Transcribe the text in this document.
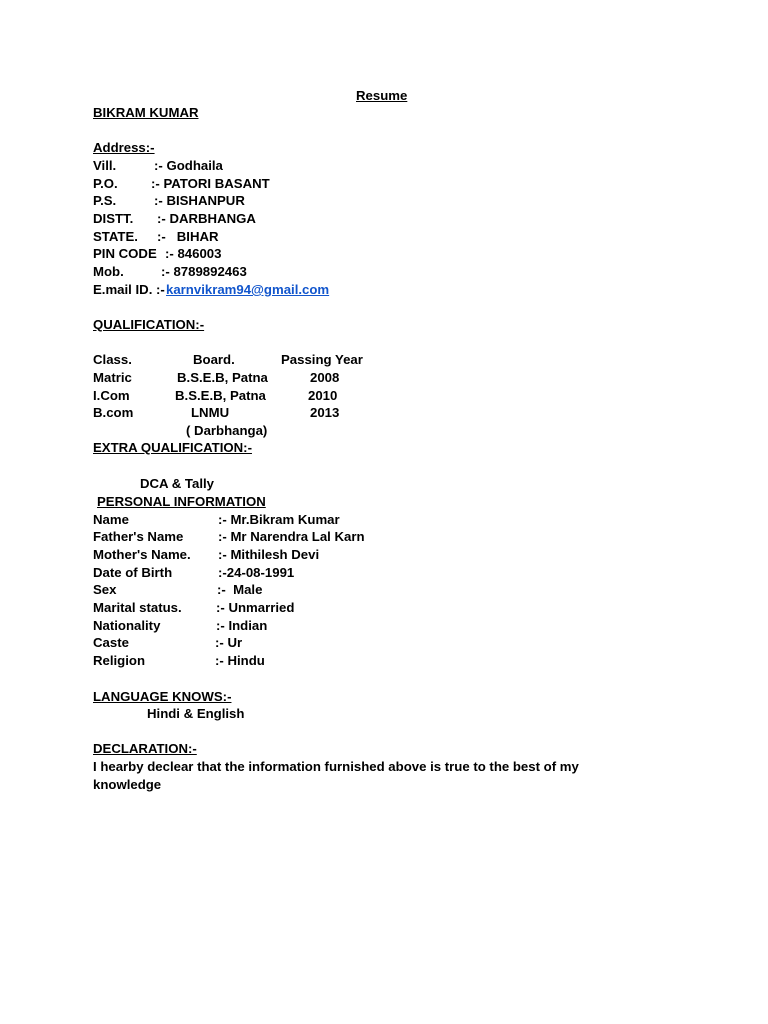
Resume
BIKRAM KUMAR
Address:-
Vill.	:- Godhaila
P.O.	:- PATORI BASANT
P.S.	:- BISHANPUR
DISTT. :- DARBHANGA
STATE. :-   BIHAR
PIN CODE :- 846003
Mob.	:- 8789892463
E.mail ID. :- karnvikram94@gmail.com
QUALIFICATION:-
Class.	Board.	Passing Year
Matric	B.S.E.B, Patna	2008
I.Com	B.S.E.B, Patna	2010
B.com	LNMU	2013
( Darbhanga)
EXTRA QUALIFICATION:-
DCA & Tally
PERSONAL INFORMATION
Name	:- Mr.Bikram Kumar
Father's Name	:- Mr Narendra Lal Karn
Mother's Name. :- Mithilesh Devi
Date of Birth	:-24-08-1991
Sex	:-  Male
Marital status.	:- Unmarried
Nationality	:- Indian
Caste	:- Ur
Religion	:- Hindu
LANGUAGE KNOWS:-
Hindi & English
DECLARATION:-
I hearby declear that the information furnished above is true to the best of my
knowledge
